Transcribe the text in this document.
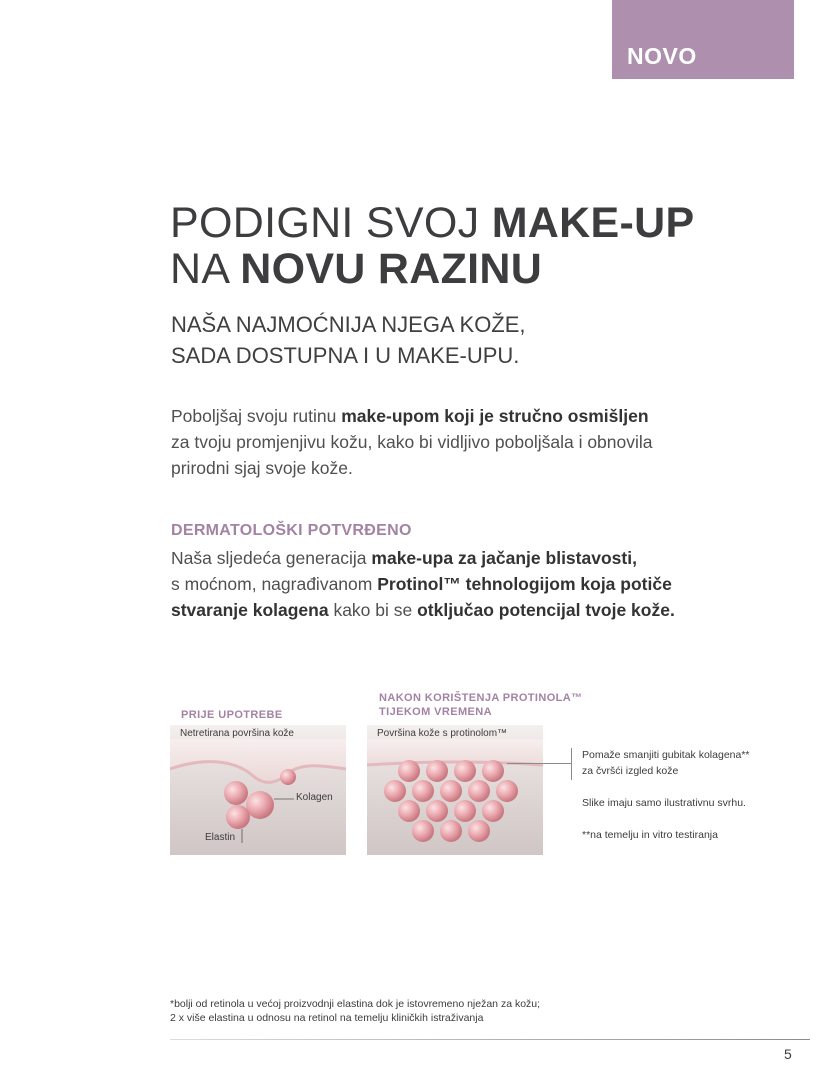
NOVO
PODIGNI SVOJ MAKE-UP
NA NOVU RAZINU
NAŠA NAJMOĆNIJA NJEGA KOŽE,
SADA DOSTUPNA I U MAKE-UPU.
Poboljšaj svoju rutinu make-upom koji je stručno osmišljen
za tvoju promjenjivu kožu, kako bi vidljivo poboljšala i obnovila
prirodni sjaj svoje kože.
DERMATOLOŠKI POTVRĐENO
Naša sljedeća generacija make-upa za jačanje blistavosti,
s moćnom, nagrađivanom Protinol™ tehnologijom koja potiče
stvaranje kolagena kako bi se otključao potencijal tvoje kože.
PRIJE UPOTREBE
NAKON KORIŠTENJA PROTINOLA™
TIJEKOM VREMENA
Netretirana površina kože
Kolagen
Elastin
Površina kože s protinolom™

Pomaže smanjiti gubitak kolagena**
za čvršći izgled kože

Slike imaju samo ilustrativnu svrhu.

**na temelju in vitro testiranja

*bolji od retinola u većoj proizvodnji elastina dok je istovremeno nježan za kožu;
2 x više elastina u odnosu na retinol na temelju kliničkih istraživanja
5
